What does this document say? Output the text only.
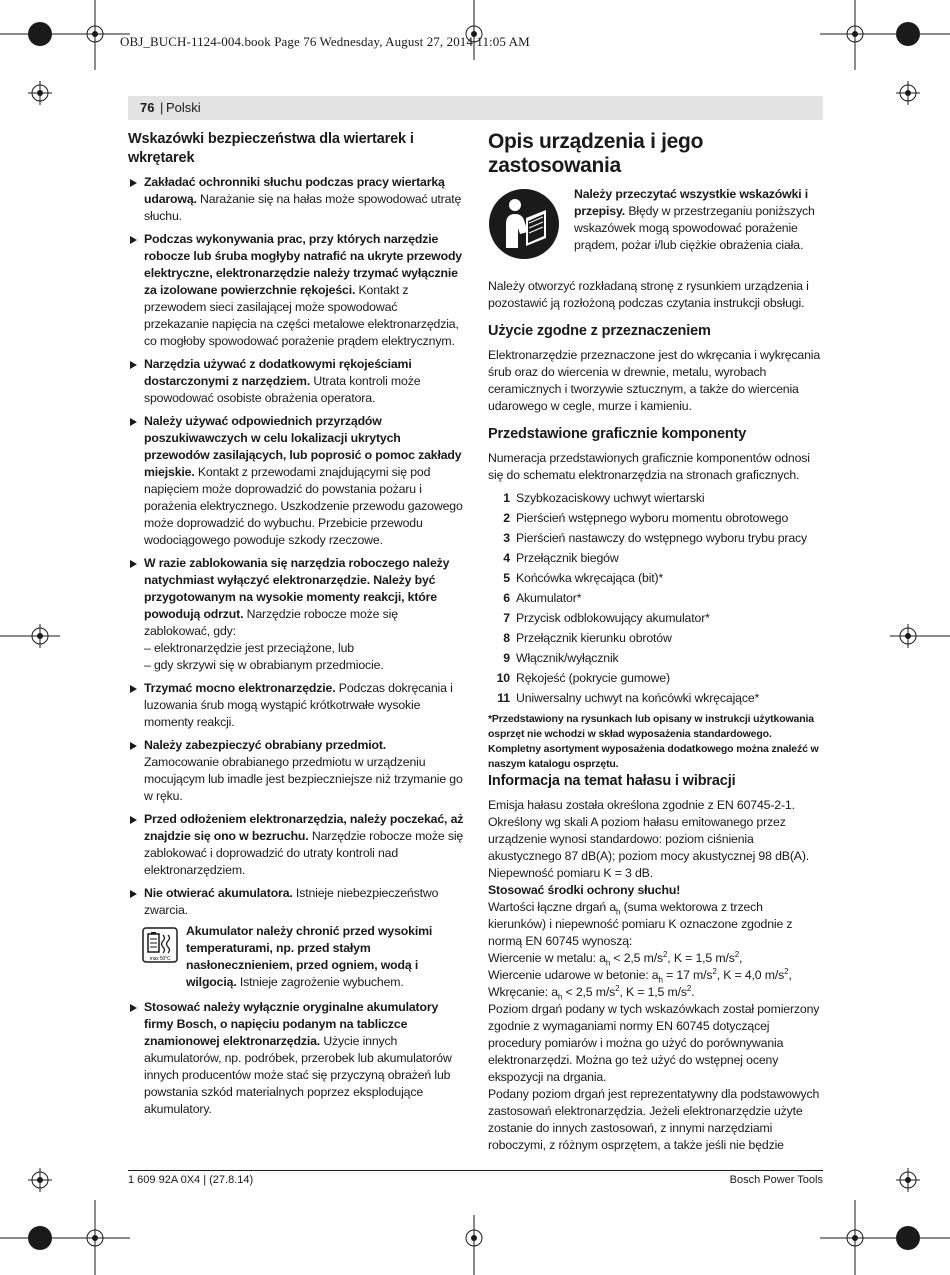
OBJ_BUCH-1124-004.book Page 76 Wednesday, August 27, 2014 11:05 AM
76 | Polski
Wskazówki bezpieczeństwa dla wiertarek i wkrętarek
Zakładać ochronniki słuchu podczas pracy wiertarką udarową. Narażanie się na hałas może spowodować utratę słuchu.
Podczas wykonywania prac, przy których narzędzie robocze lub śruba mogłyby natrafić na ukryte przewody elektryczne, elektronarzędzie należy trzymać wyłącznie za izolowane powierzchnie rękojeści. Kontakt z przewodem sieci zasilającej może spowodować przekazanie napięcia na części metalowe elektronarzędzia, co mogłoby spowodować porażenie prądem elektrycznym.
Narzędzia używać z dodatkowymi rękojeściami dostarczonymi z narzędziem. Utrata kontroli może spowodować osobiste obrażenia operatora.
Należy używać odpowiednich przyrządów poszukiwawczych w celu lokalizacji ukrytych przewodów zasilających, lub poprosić o pomoc zakłady miejskie. Kontakt z przewodami znajdującymi się pod napięciem może doprowadzić do powstania pożaru i porażenia elektrycznego. Uszkodzenie przewodu gazowego może doprowadzić do wybuchu. Przebicie przewodu wodociągowego powoduje szkody rzeczowe.
W razie zablokowania się narzędzia roboczego należy natychmiast wyłączyć elektronarzędzie. Należy być przygotowanym na wysokie momenty reakcji, które powodują odrzut. Narzędzie robocze może się zablokować, gdy:

– elektronarzędzie jest przeciążone, lub

– gdy skrzywi się w obrabianym przedmiocie.

Trzymać mocno elektronarzędzie. Podczas dokręcania i luzowania śrub mogą wystąpić krótkotrwałe wysokie momenty reakcji.
Należy zabezpieczyć obrabiany przedmiot. Zamocowanie obrabianego przedmiotu w urządzeniu mocującym lub imadle jest bezpieczniejsze niż trzymanie go w ręku.
Przed odłożeniem elektronarzędzia, należy poczekać, aż znajdzie się ono w bezruchu. Narzędzie robocze może się zablokować i doprowadzić do utraty kontroli nad elektronarzędziem.
Nie otwierać akumulatora. Istnieje niebezpieczeństwo zwarcia.
max 50°C
Akumulator należy chronić przed wysokimi temperaturami, np. przed stałym nasłonecznieniem, przed ogniem, wodą i wilgocią. Istnieje zagrożenie wybuchem.
Stosować należy wyłącznie oryginalne akumulatory firmy Bosch, o napięciu podanym na tabliczce znamionowej elektronarzędzia. Użycie innych akumulatorów, np. podróbek, przerobek lub akumulatorów innych producentów może stać się przyczyną obrażeń lub powstania szkód materialnych poprzez eksplodujące akumulatory.
Opis urządzenia i jego zastosowania
Należy przeczytać wszystkie wskazówki i przepisy. Błędy w przestrzeganiu poniższych wskazówek mogą spowodować porażenie prądem, pożar i/lub ciężkie obrażenia ciała.

Należy otworzyć rozkładaną stronę z rysunkiem urządzenia i pozostawić ją rozłożoną podczas czytania instrukcji obsługi.

Użycie zgodne z przeznaczeniem

Elektronarzędzie przeznaczone jest do wkręcania i wykręcania śrub oraz do wiercenia w drewnie, metalu, wyrobach ceramicznych i tworzywie sztucznym, a także do wiercenia udarowego w cegle, murze i kamieniu.

Przedstawione graficznie komponenty

Numeracja przedstawionych graficznie komponentów odnosi się do schematu elektronarzędzia na stronach graficznych.

1 Szybkozaciskowy uchwyt wiertarski
2 Pierścień wstępnego wyboru momentu obrotowego
3 Pierścień nastawczy do wstępnego wyboru trybu pracy
4 Przełącznik biegów
5 Końcówka wkręcająca (bit)*
6 Akumulator*
7 Przycisk odblokowujący akumulator*
8 Przełącznik kierunku obrotów
9 Włącznik/wyłącznik
10 Rękojeść (pokrycie gumowe)
11 Uniwersalny uchwyt na końcówki wkręcające*

*Przedstawiony na rysunkach lub opisany w instrukcji użytkowania osprzęt nie wchodzi w skład wyposażenia standardowego. Kompletny asortyment wyposażenia dodatkowego można znaleźć w naszym katalogu osprzętu.

Informacja na temat hałasu i wibracji

Emisja hałasu została określona zgodnie z EN 60745-2-1.

Określony wg skali A poziom hałasu emitowanego przez urządzenie wynosi standardowo: poziom ciśnienia akustycznego 87 dB(A); poziom mocy akustycznej 98 dB(A). Niepewność pomiaru K = 3 dB.

Stosować środki ochrony słuchu!

Wartości łączne drgań $a_h$ (suma wektorowa z trzech kierunków) i niepewność pomiaru K oznaczone zgodnie z normą EN 60745 wynoszą:

Wiercenie w metalu: $a_h < 2,5$ $m/s^2$, K = 1,5 $m/s^2$,

Wiercenie udarowe w betonie: $a_h = 17$ $m/s^2$, K = 4,0 $m/s^2$,

Wkręcanie: $a_h < 2,5$ $m/s^2$, K = 1,5 $m/s^2$.

Poziom drgań podany w tych wskazówkach został pomierzony zgodnie z wymaganiami normy EN 60745 dotyczącej procedury pomiarów i można go użyć do porównywania elektronarzędzi. Można go też użyć do wstępnej oceny ekspozycji na drgania.

Podany poziom drgań jest reprezentatywny dla podstawowych zastosowań elektronarzędzia. Jeżeli elektronarzędzie użyte zostanie do innych zastosowań, z innymi narzędziami roboczymi, z różnym osprzętem, a także jeśli nie będzie

1 609 92A 0X4 | (27.8.14)	Bosch Power Tools
